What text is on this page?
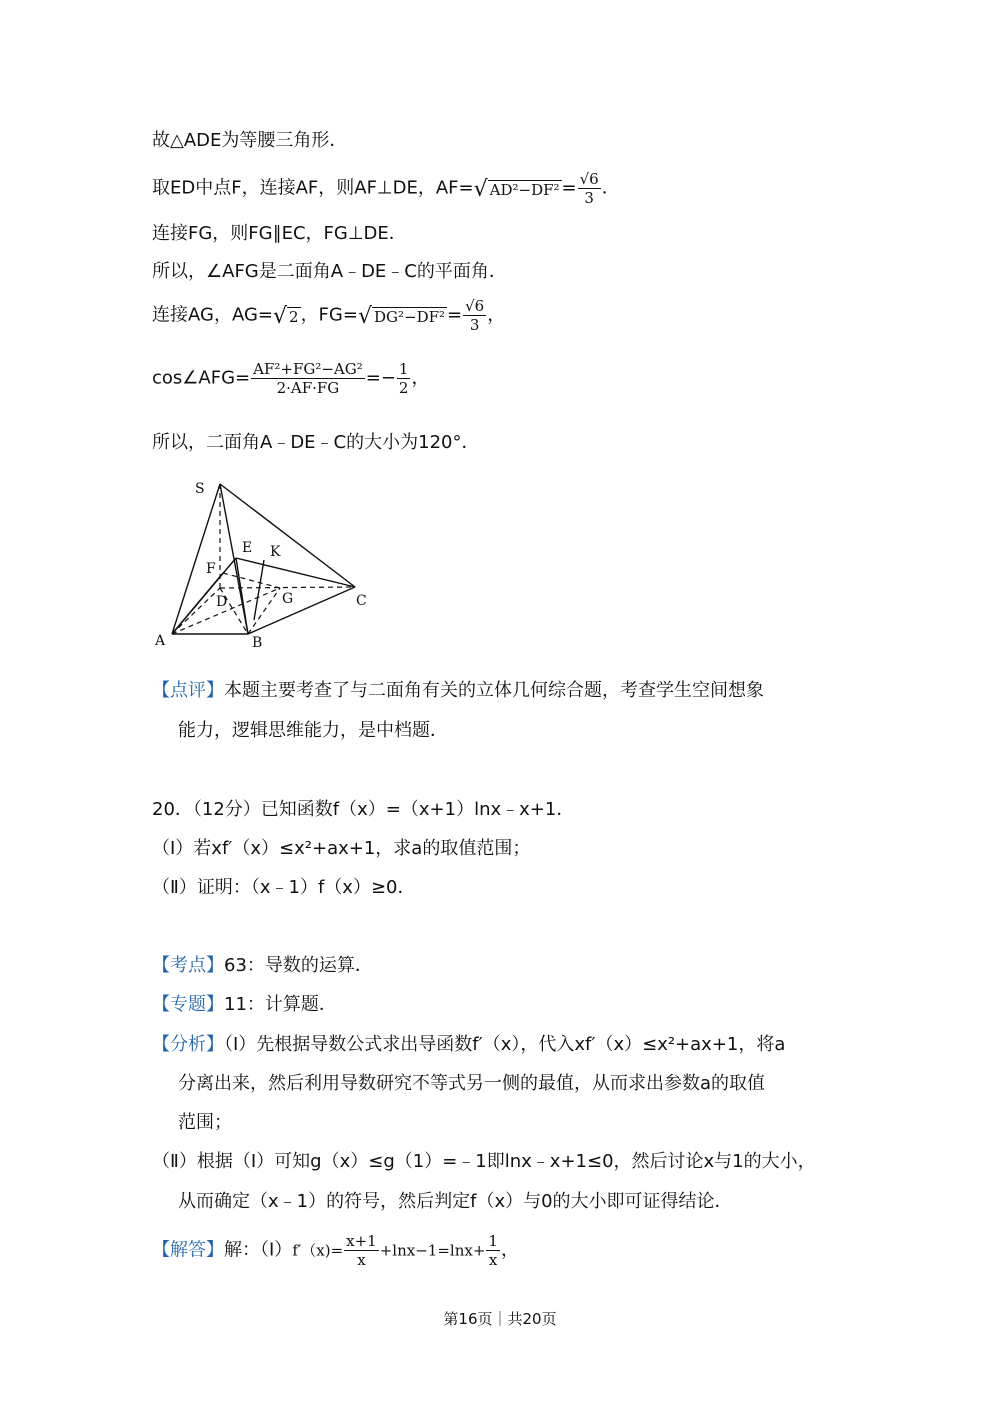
故△ADE为等腰三角形．
取ED中点F，连接AF，则AF⊥DE，AF=√ $AD^2-DF^2 = \frac{√6}{3}$ ．
连接FG，则FG∥EC，FG⊥DE．
所以，∠AFG是二面角A﹣DE﹣C的平面角．
连接AG，AG=√ 2 ，FG=√ $DG^2-DF^2 = \frac{√6}{3}$ ，
cos∠AFG= $\frac{\text{AF²+FG²−AG²}}{2\cdot AF\cdot FG} =- \frac{1}{2}$ ，
所以，二面角A﹣DE﹣C的大小为120°．
S
E K
F
D	G	C
A	B
【点评】本题主要考查了与二面角有关的立体几何综合题，考查学生空间想象
能力，逻辑思维能力，是中档题．
20．（12分）已知函数f（x）=（x+1）lnx﹣x+1．
（Ⅰ）若xf′（x）≤x²+ax+1，求a的取值范围；
（Ⅱ）证明：（x﹣1）f（x）≥0．
【考点】63：导数的运算．
【专题】11：计算题．
【分析】（Ⅰ）先根据导数公式求出导函数f′（x），代入xf′（x）≤x²+ax+1，将a
分离出来，然后利用导数研究不等式另一侧的最值，从而求出参数a的取值
范围；
（Ⅱ）根据（I）可知g（x）≤g（1）=﹣1即lnx﹣x+1≤0，然后讨论x与1的大小，
从而确定（x﹣1）的符号，然后判定f（x）与0的大小即可证得结论．
【解答】解：（Ⅰ）f′（x)= $\frac{x+1}{x} +\ln x-1=\ln x+ \frac{1}{x}$ ，
第16页｜共20页
